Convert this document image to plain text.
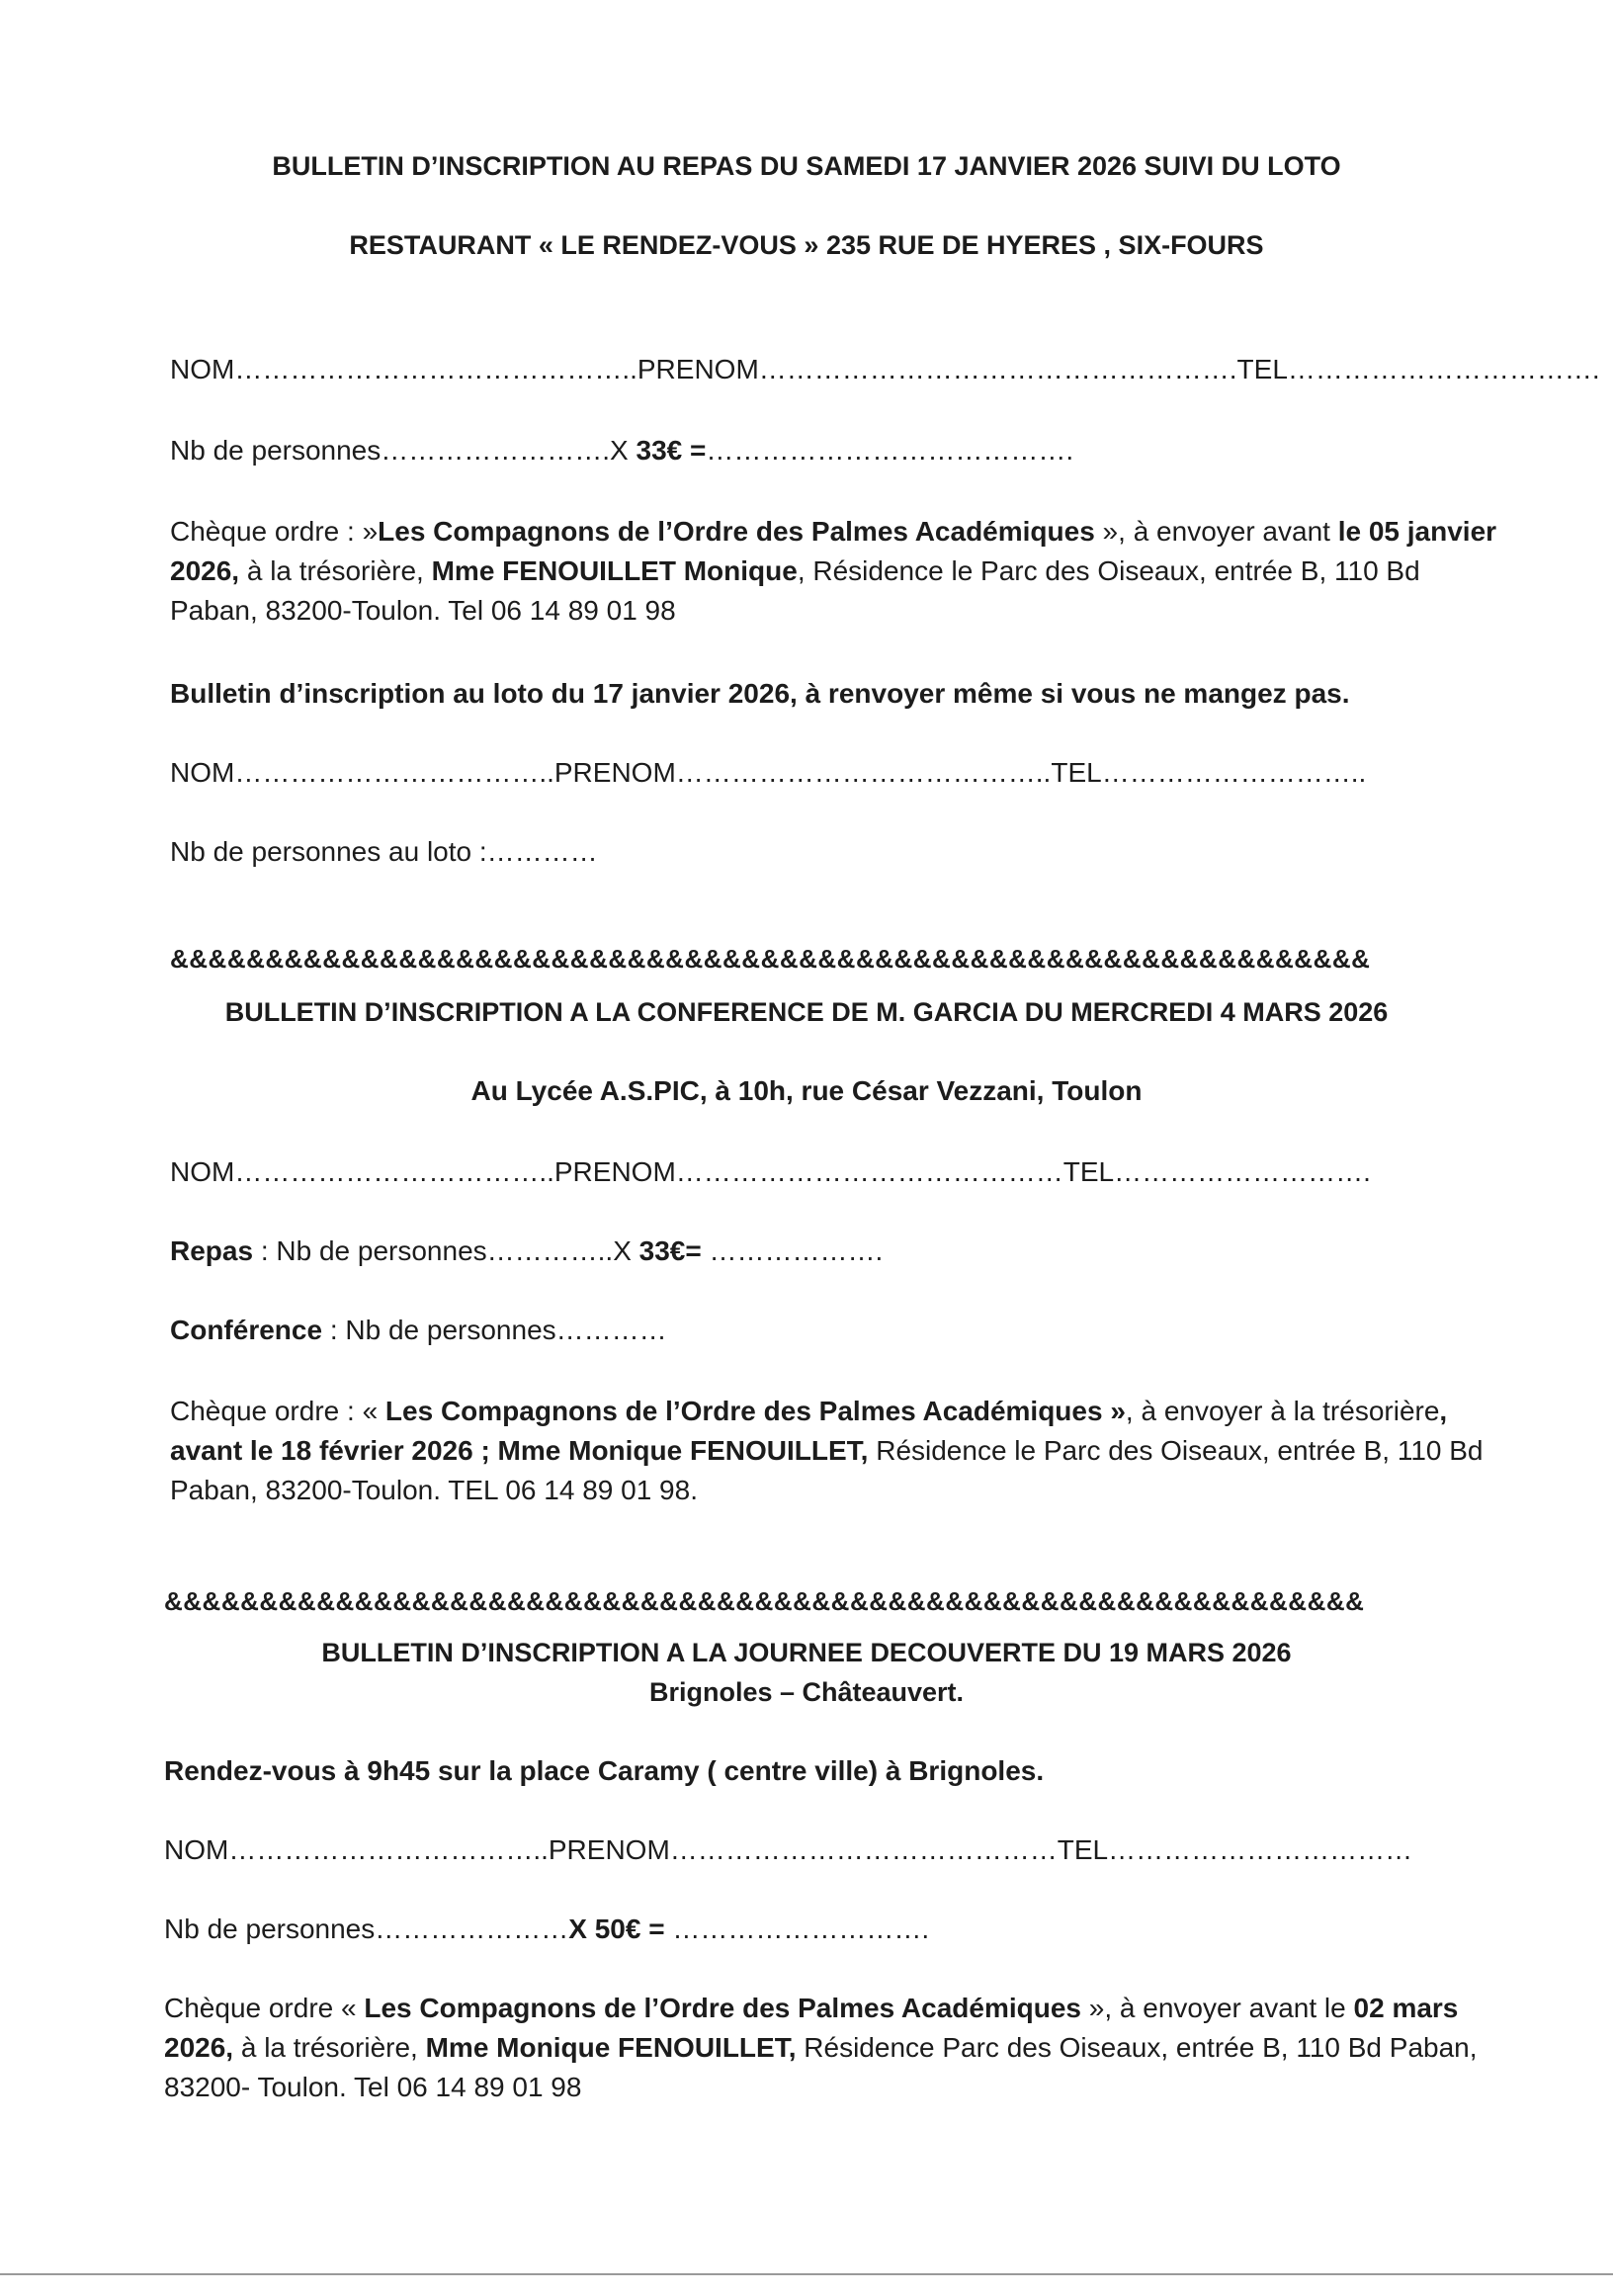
BULLETIN D’INSCRIPTION AU REPAS DU SAMEDI 17 JANVIER 2026 SUIVI DU LOTO

RESTAURANT « LE RENDEZ-VOUS » 235 RUE DE HYERES , SIX-FOURS

NOM……………………………………..PRENOM…………………………………………….TEL…………………………….

Nb de personnes…………………….X 33€ =………………………………….

Chèque ordre : »Les Compagnons de l’Ordre des Palmes Académiques », à envoyer avant le 05 janvier 2026, à la trésorière, Mme FENOUILLET Monique, Résidence le Parc des Oiseaux, entrée B, 110 Bd Paban, 83200-Toulon. Tel 06 14 89 01 98

Bulletin d’inscription au loto du 17 janvier 2026, à renvoyer même si vous ne mangez pas.

NOM……………………………..PRENOM…………………………………..TEL………………………..

Nb de personnes au loto :…………

&&&&&&&&&&&&&&&&&&&&&&&&&&&&&&&&&&&&&&&&&&&&&&&&&&&&&&&&&&&&&&&

BULLETIN D’INSCRIPTION A LA CONFERENCE DE M. GARCIA DU MERCREDI 4 MARS 2026

Au Lycée A.S.PIC, à 10h, rue César Vezzani, Toulon

NOM……………………………..PRENOM……………………………………TEL……………………….

Repas : Nb de personnes…………..X 33€= ……………….

Conférence : Nb de personnes…………

Chèque ordre : « Les Compagnons de l’Ordre des Palmes Académiques », à envoyer à la trésorière, avant le 18 février 2026 ; Mme Monique FENOUILLET, Résidence le Parc des Oiseaux, entrée B, 110 Bd Paban, 83200-Toulon. TEL 06 14 89 01 98.

&&&&&&&&&&&&&&&&&&&&&&&&&&&&&&&&&&&&&&&&&&&&&&&&&&&&&&&&&&&&&&&

BULLETIN D’INSCRIPTION A LA JOURNEE DECOUVERTE DU 19 MARS 2026

Brignoles – Châteauvert.

Rendez-vous à 9h45 sur la place Caramy ( centre ville) à Brignoles.

NOM……………………………..PRENOM……………………………………TEL……………………………

Nb de personnes…………………X 50€ = ……………………….

Chèque ordre « Les Compagnons de l’Ordre des Palmes Académiques », à envoyer avant le 02 mars 2026, à la trésorière, Mme Monique FENOUILLET, Résidence Parc des Oiseaux, entrée B, 110 Bd Paban, 83200- Toulon. Tel 06 14 89 01 98
